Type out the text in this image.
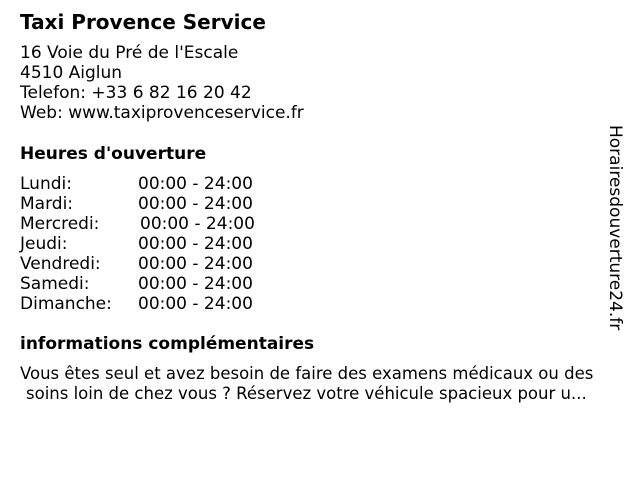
Taxi Provence Service
16 Voie du Pré de l'Escale
4510 Aiglun
Telefon: +33 6 82 16 20 42
Web: www.taxiprovenceservice.fr
Heures d'ouverture
Lundi:	00:00 - 24:00
Mardi:	00:00 - 24:00
Mercredi: 00:00 - 24:00
Jeudi:	00:00 - 24:00
Vendredi: 00:00 - 24:00
Samedi:	00:00 - 24:00
Dimanche: 00:00 - 24:00
informations complémentaires
Vous êtes seul et avez besoin de faire des examens médicaux ou des
soins loin de chez vous ? Réservez votre véhicule spacieux pour u...
Horairesdouverture24.fr
